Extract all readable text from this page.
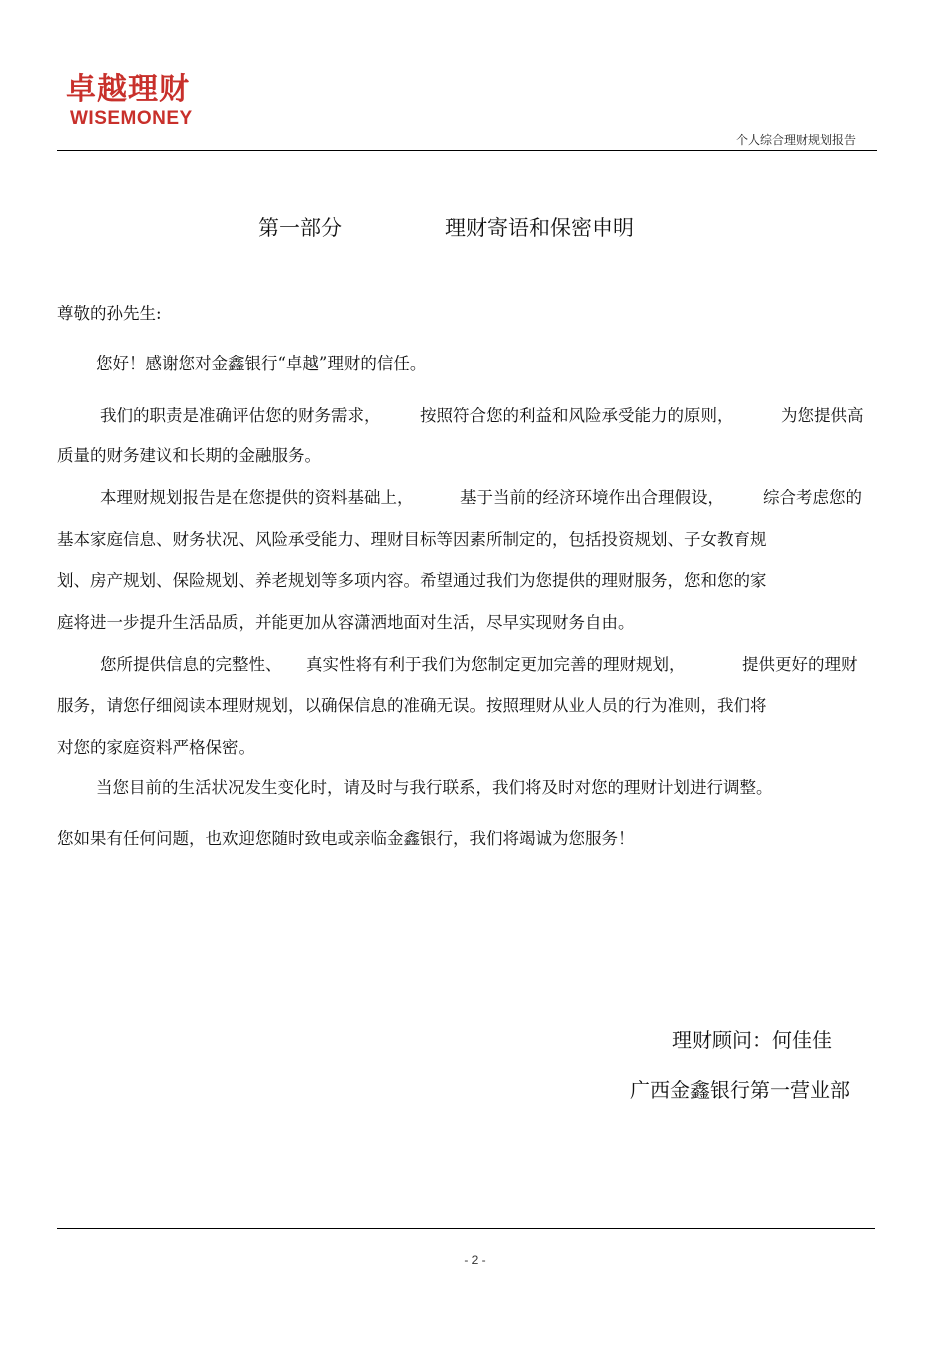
卓越理财
WISEMONEY
个人综合理财规划报告
第一部分	理财寄语和保密申明
尊敬的孙先生:
您好！感谢您对金鑫银行“卓越”理财的信任。
我们的职责是准确评估您的财务需求， 按照符合您的利益和风险承受能力的原则，	为您提供高
质量的财务建议和长期的金融服务。
本理财规划报告是在您提供的资料基础上，	基于当前的经济环境作出合理假设， 综合考虑您的
基本家庭信息、财务状况、风险承受能力、理财目标等因素所制定的，包括投资规划、子女教育规
划、房产规划、保险规划、养老规划等多项内容。希望通过我们为您提供的理财服务，您和您的家
庭将进一步提升生活品质，并能更加从容潇洒地面对生活，尽早实现财务自由。
您所提供信息的完整性、 真实性将有利于我们为您制定更加完善的理财规划，	提供更好的理财
服务，请您仔细阅读本理财规划，以确保信息的准确无误。按照理财从业人员的行为准则，我们将
对您的家庭资料严格保密。
当您目前的生活状况发生变化时，请及时与我行联系，我们将及时对您的理财计划进行调整。
您如果有任何问题，也欢迎您随时致电或亲临金鑫银行，我们将竭诚为您服务！
理财顾问：何佳佳
广西金鑫银行第一营业部
- 2 -
